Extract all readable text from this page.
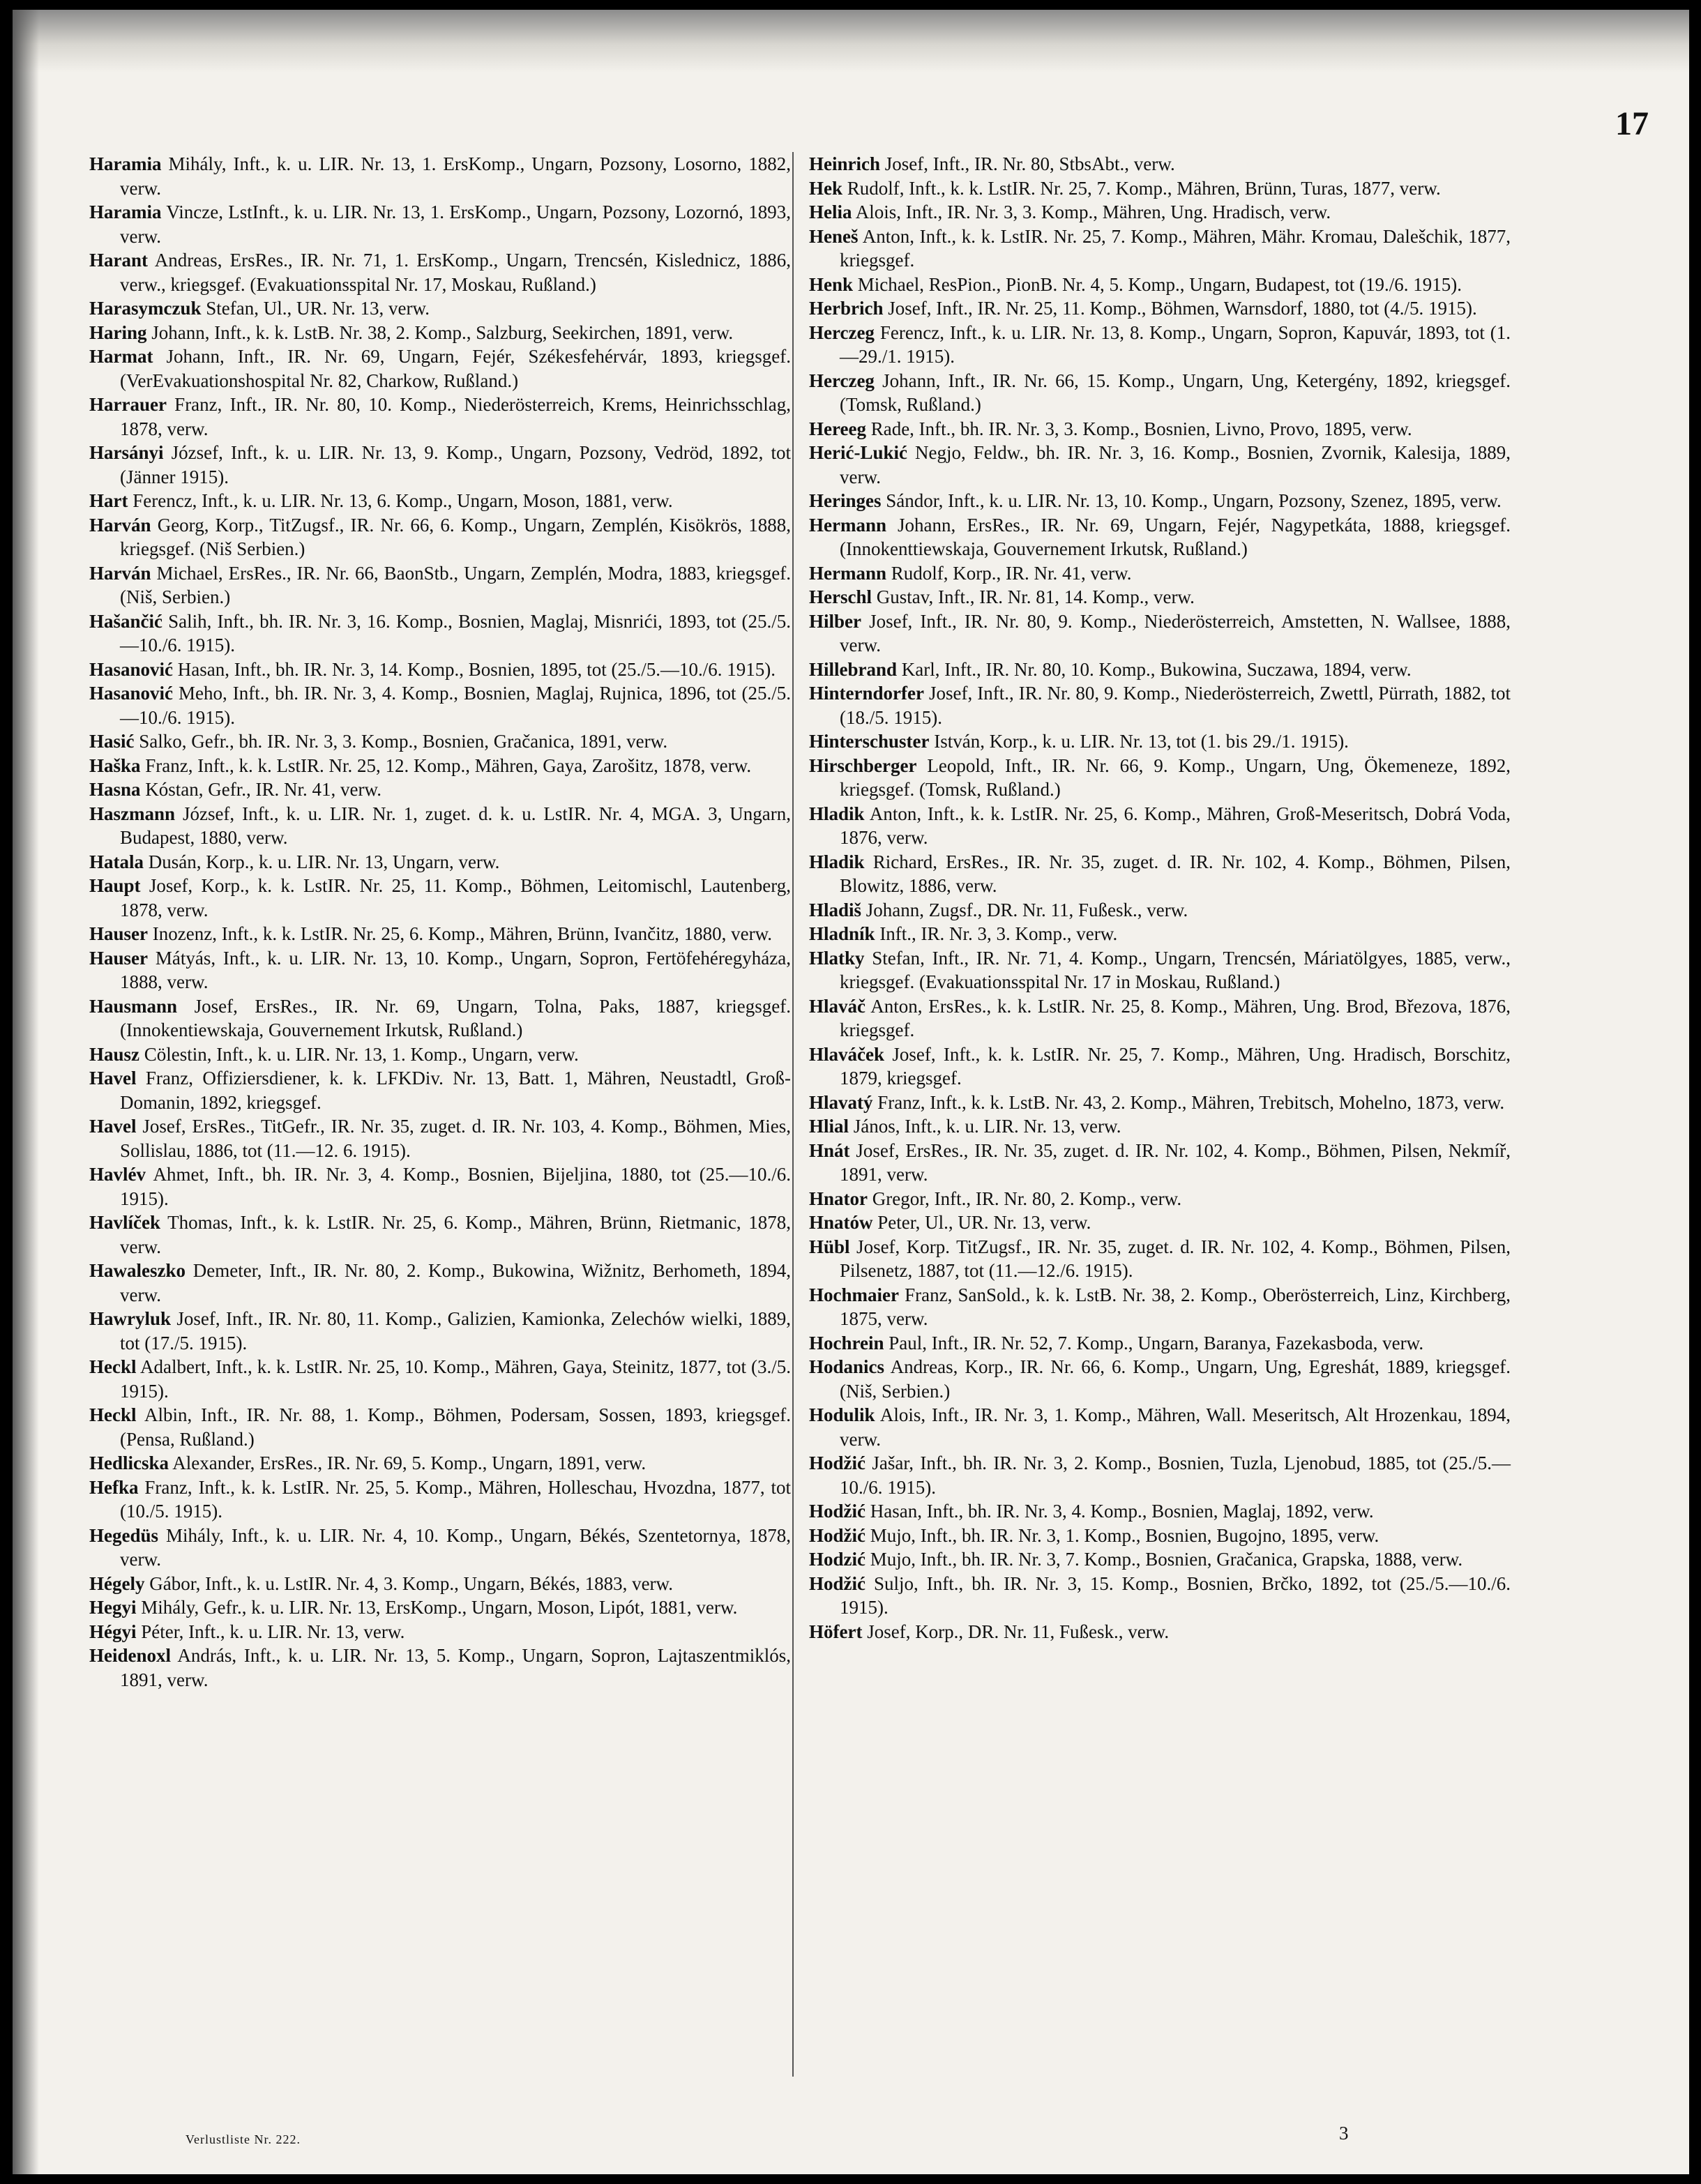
17
Haramia Mihály, Inft., k. u. LIR. Nr. 13, 1. ErsKomp., Ungarn, Pozsony, Losorno, 1882, verw.
Haramia Vincze, LstInft., k. u. LIR. Nr. 13, 1. ErsKomp., Ungarn, Pozsony, Lozornó, 1893, verw.
Harant Andreas, ErsRes., IR. Nr. 71, 1. ErsKomp., Ungarn, Trencsén, Kislednicz, 1886, verw., kriegsgef. (Evakuationsspital Nr. 17, Moskau, Rußland.)
Harasymczuk Stefan, Ul., UR. Nr. 13, verw.
Haring Johann, Inft., k. k. LstB. Nr. 38, 2. Komp., Salzburg, Seekirchen, 1891, verw.
Harmat Johann, Inft., IR. Nr. 69, Ungarn, Fejér, Székesfehérvár, 1893, kriegsgef. (VerEvakuationshospital Nr. 82, Charkow, Rußland.)
Harrauer Franz, Inft., IR. Nr. 80, 10. Komp., Niederösterreich, Krems, Heinrichsschlag, 1878, verw.
Harsányi József, Inft., k. u. LIR. Nr. 13, 9. Komp., Ungarn, Pozsony, Vedröd, 1892, tot (Jänner 1915).
Hart Ferencz, Inft., k. u. LIR. Nr. 13, 6. Komp., Ungarn, Moson, 1881, verw.
Harván Georg, Korp., TitZugsf., IR. Nr. 66, 6. Komp., Ungarn, Zemplén, Kisökrös, 1888, kriegsgef. (Niš Serbien.)
Harván Michael, ErsRes., IR. Nr. 66, BaonStb., Ungarn, Zemplén, Modra, 1883, kriegsgef. (Niš, Serbien.)
Hašančić Salih, Inft., bh. IR. Nr. 3, 16. Komp., Bosnien, Maglaj, Misnrići, 1893, tot (25./5.—10./6. 1915).
Hasanović Hasan, Inft., bh. IR. Nr. 3, 14. Komp., Bosnien, 1895, tot (25./5.—10./6. 1915).
Hasanović Meho, Inft., bh. IR. Nr. 3, 4. Komp., Bosnien, Maglaj, Rujnica, 1896, tot (25./5.—10./6. 1915).
Hasić Salko, Gefr., bh. IR. Nr. 3, 3. Komp., Bosnien, Gračanica, 1891, verw.
Haška Franz, Inft., k. k. LstIR. Nr. 25, 12. Komp., Mähren, Gaya, Zarošitz, 1878, verw.
Hasna Kóstan, Gefr., IR. Nr. 41, verw.
Haszmann József, Inft., k. u. LIR. Nr. 1, zuget. d. k. u. LstIR. Nr. 4, MGA. 3, Ungarn, Budapest, 1880, verw.
Hatala Dusán, Korp., k. u. LIR. Nr. 13, Ungarn, verw.
Haupt Josef, Korp., k. k. LstIR. Nr. 25, 11. Komp., Böhmen, Leitomischl, Lautenberg, 1878, verw.
Hauser Inozenz, Inft., k. k. LstIR. Nr. 25, 6. Komp., Mähren, Brünn, Ivančitz, 1880, verw.
Hauser Mátyás, Inft., k. u. LIR. Nr. 13, 10. Komp., Ungarn, Sopron, Fertöfehéregyháza, 1888, verw.
Hausmann Josef, ErsRes., IR. Nr. 69, Ungarn, Tolna, Paks, 1887, kriegsgef. (Innokentiewskaja, Gouvernement Irkutsk, Rußland.)
Hausz Cölestin, Inft., k. u. LIR. Nr. 13, 1. Komp., Ungarn, verw.
Havel Franz, Offiziersdiener, k. k. LFKDiv. Nr. 13, Batt. 1, Mähren, Neustadtl, Groß-Domanin, 1892, kriegsgef.
Havel Josef, ErsRes., TitGefr., IR. Nr. 35, zuget. d. IR. Nr. 103, 4. Komp., Böhmen, Mies, Sollislau, 1886, tot (11.—12. 6. 1915).
Havlév Ahmet, Inft., bh. IR. Nr. 3, 4. Komp., Bosnien, Bijeljina, 1880, tot (25.—10./6. 1915).
Havlíček Thomas, Inft., k. k. LstIR. Nr. 25, 6. Komp., Mähren, Brünn, Rietmanic, 1878, verw.
Hawaleszko Demeter, Inft., IR. Nr. 80, 2. Komp., Bukowina, Wižnitz, Berhometh, 1894, verw.
Hawryluk Josef, Inft., IR. Nr. 80, 11. Komp., Galizien, Kamionka, Zelechów wielki, 1889, tot (17./5. 1915).
Heckl Adalbert, Inft., k. k. LstIR. Nr. 25, 10. Komp., Mähren, Gaya, Steinitz, 1877, tot (3./5. 1915).
Heckl Albin, Inft., IR. Nr. 88, 1. Komp., Böhmen, Podersam, Sossen, 1893, kriegsgef. (Pensa, Rußland.)
Hedlicska Alexander, ErsRes., IR. Nr. 69, 5. Komp., Ungarn, 1891, verw.
Hefka Franz, Inft., k. k. LstIR. Nr. 25, 5. Komp., Mähren, Holleschau, Hvozdna, 1877, tot (10./5. 1915).
Hegedüs Mihály, Inft., k. u. LIR. Nr. 4, 10. Komp., Ungarn, Békés, Szentetornya, 1878, verw.
Hégely Gábor, Inft., k. u. LstIR. Nr. 4, 3. Komp., Ungarn, Békés, 1883, verw.
Hegyi Mihály, Gefr., k. u. LIR. Nr. 13, ErsKomp., Ungarn, Moson, Lipót, 1881, verw.
Hégyi Péter, Inft., k. u. LIR. Nr. 13, verw.
Heidenoxl András, Inft., k. u. LIR. Nr. 13, 5. Komp., Ungarn, Sopron, Lajtaszentmiklós, 1891, verw.
Heinrich Josef, Inft., IR. Nr. 80, StbsAbt., verw.
Hek Rudolf, Inft., k. k. LstIR. Nr. 25, 7. Komp., Mähren, Brünn, Turas, 1877, verw.
Helia Alois, Inft., IR. Nr. 3, 3. Komp., Mähren, Ung. Hradisch, verw.
Heneš Anton, Inft., k. k. LstIR. Nr. 25, 7. Komp., Mähren, Mähr. Kromau, Dalešchik, 1877, kriegsgef.
Henk Michael, ResPion., PionB. Nr. 4, 5. Komp., Ungarn, Budapest, tot (19./6. 1915).
Herbrich Josef, Inft., IR. Nr. 25, 11. Komp., Böhmen, Warnsdorf, 1880, tot (4./5. 1915).
Herczeg Ferencz, Inft., k. u. LIR. Nr. 13, 8. Komp., Ungarn, Sopron, Kapuvár, 1893, tot (1.—29./1. 1915).
Herczeg Johann, Inft., IR. Nr. 66, 15. Komp., Ungarn, Ung, Ketergény, 1892, kriegsgef. (Tomsk, Rußland.)
Hereeg Rade, Inft., bh. IR. Nr. 3, 3. Komp., Bosnien, Livno, Provo, 1895, verw.
Herić-Lukić Negjo, Feldw., bh. IR. Nr. 3, 16. Komp., Bosnien, Zvornik, Kalesija, 1889, verw.
Heringes Sándor, Inft., k. u. LIR. Nr. 13, 10. Komp., Ungarn, Pozsony, Szenez, 1895, verw.
Hermann Johann, ErsRes., IR. Nr. 69, Ungarn, Fejér, Nagypetkáta, 1888, kriegsgef. (Innokenttiewskaja, Gouvernement Irkutsk, Rußland.)
Hermann Rudolf, Korp., IR. Nr. 41, verw.
Herschl Gustav, Inft., IR. Nr. 81, 14. Komp., verw.
Hilber Josef, Inft., IR. Nr. 80, 9. Komp., Niederösterreich, Amstetten, N. Wallsee, 1888, verw.
Hillebrand Karl, Inft., IR. Nr. 80, 10. Komp., Bukowina, Suczawa, 1894, verw.
Hinterndorfer Josef, Inft., IR. Nr. 80, 9. Komp., Niederösterreich, Zwettl, Pürrath, 1882, tot (18./5. 1915).
Hinterschuster István, Korp., k. u. LIR. Nr. 13, tot (1. bis 29./1. 1915).
Hirschberger Leopold, Inft., IR. Nr. 66, 9. Komp., Ungarn, Ung, Ökemeneze, 1892, kriegsgef. (Tomsk, Rußland.)
Hladik Anton, Inft., k. k. LstIR. Nr. 25, 6. Komp., Mähren, Groß-Meseritsch, Dobrá Voda, 1876, verw.
Hladik Richard, ErsRes., IR. Nr. 35, zuget. d. IR. Nr. 102, 4. Komp., Böhmen, Pilsen, Blowitz, 1886, verw.
Hladiš Johann, Zugsf., DR. Nr. 11, Fußesk., verw.
Hladník Inft., IR. Nr. 3, 3. Komp., verw.
Hlatky Stefan, Inft., IR. Nr. 71, 4. Komp., Ungarn, Trencsén, Máriatölgyes, 1885, verw., kriegsgef. (Evakuationsspital Nr. 17 in Moskau, Rußland.)
Hlaváč Anton, ErsRes., k. k. LstIR. Nr. 25, 8. Komp., Mähren, Ung. Brod, Březova, 1876, kriegsgef.
Hlaváček Josef, Inft., k. k. LstIR. Nr. 25, 7. Komp., Mähren, Ung. Hradisch, Borschitz, 1879, kriegsgef.
Hlavatý Franz, Inft., k. k. LstB. Nr. 43, 2. Komp., Mähren, Trebitsch, Mohelno, 1873, verw.
Hlial János, Inft., k. u. LIR. Nr. 13, verw.
Hnát Josef, ErsRes., IR. Nr. 35, zuget. d. IR. Nr. 102, 4. Komp., Böhmen, Pilsen, Nekmíř, 1891, verw.
Hnator Gregor, Inft., IR. Nr. 80, 2. Komp., verw.
Hnatów Peter, Ul., UR. Nr. 13, verw.
Hübl Josef, Korp. TitZugsf., IR. Nr. 35, zuget. d. IR. Nr. 102, 4. Komp., Böhmen, Pilsen, Pilsenetz, 1887, tot (11.—12./6. 1915).
Hochmaier Franz, SanSold., k. k. LstB. Nr. 38, 2. Komp., Oberösterreich, Linz, Kirchberg, 1875, verw.
Hochrein Paul, Inft., IR. Nr. 52, 7. Komp., Ungarn, Baranya, Fazekasboda, verw.
Hodanics Andreas, Korp., IR. Nr. 66, 6. Komp., Ungarn, Ung, Egreshát, 1889, kriegsgef. (Niš, Serbien.)
Hodulik Alois, Inft., IR. Nr. 3, 1. Komp., Mähren, Wall. Meseritsch, Alt Hrozenkau, 1894, verw.
Hodžić Jašar, Inft., bh. IR. Nr. 3, 2. Komp., Bosnien, Tuzla, Ljenobud, 1885, tot (25./5.—10./6. 1915).
Hodžić Hasan, Inft., bh. IR. Nr. 3, 4. Komp., Bosnien, Maglaj, 1892, verw.
Hodžić Mujo, Inft., bh. IR. Nr. 3, 1. Komp., Bosnien, Bugojno, 1895, verw.
Hodzić Mujo, Inft., bh. IR. Nr. 3, 7. Komp., Bosnien, Gračanica, Grapska, 1888, verw.
Hodžić Suljo, Inft., bh. IR. Nr. 3, 15. Komp., Bosnien, Brčko, 1892, tot (25./5.—10./6. 1915).
Höfert Josef, Korp., DR. Nr. 11, Fußesk., verw.
Verlustliste Nr. 222.	3
